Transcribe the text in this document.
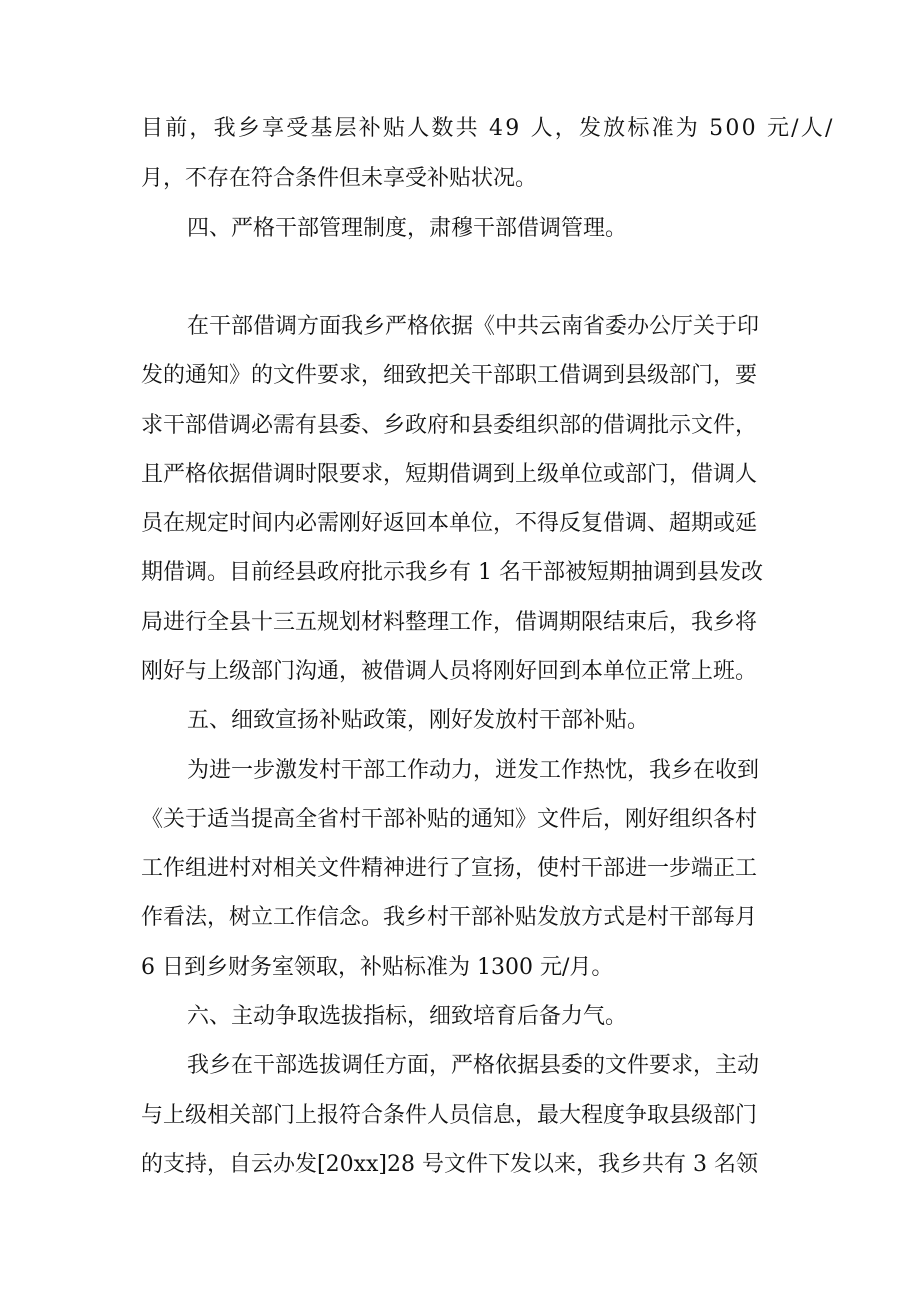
目前，我乡享受基层补贴人数共 49 人，发放标准为 500 元/人/
月，不存在符合条件但未享受补贴状况。
四、严格干部管理制度，肃穆干部借调管理。
在干部借调方面我乡严格依据《中共云南省委办公厅关于印
发的通知》的文件要求，细致把关干部职工借调到县级部门，要
求干部借调必需有县委、乡政府和县委组织部的借调批示文件，
且严格依据借调时限要求，短期借调到上级单位或部门，借调人
员在规定时间内必需刚好返回本单位，不得反复借调、超期或延
期借调。目前经县政府批示我乡有 1 名干部被短期抽调到县发改
局进行全县十三五规划材料整理工作，借调期限结束后，我乡将
刚好与上级部门沟通，被借调人员将刚好回到本单位正常上班。
五、细致宣扬补贴政策，刚好发放村干部补贴。
为进一步激发村干部工作动力，迸发工作热忱，我乡在收到
《关于适当提高全省村干部补贴的通知》文件后，刚好组织各村
工作组进村对相关文件精神进行了宣扬，使村干部进一步端正工
作看法，树立工作信念。我乡村干部补贴发放方式是村干部每月
6 日到乡财务室领取，补贴标准为 1300 元/月。
六、主动争取选拔指标，细致培育后备力气。
我乡在干部选拔调任方面，严格依据县委的文件要求，主动
与上级相关部门上报符合条件人员信息，最大程度争取县级部门
的支持，自云办发[20xx]28 号文件下发以来，我乡共有 3 名领
